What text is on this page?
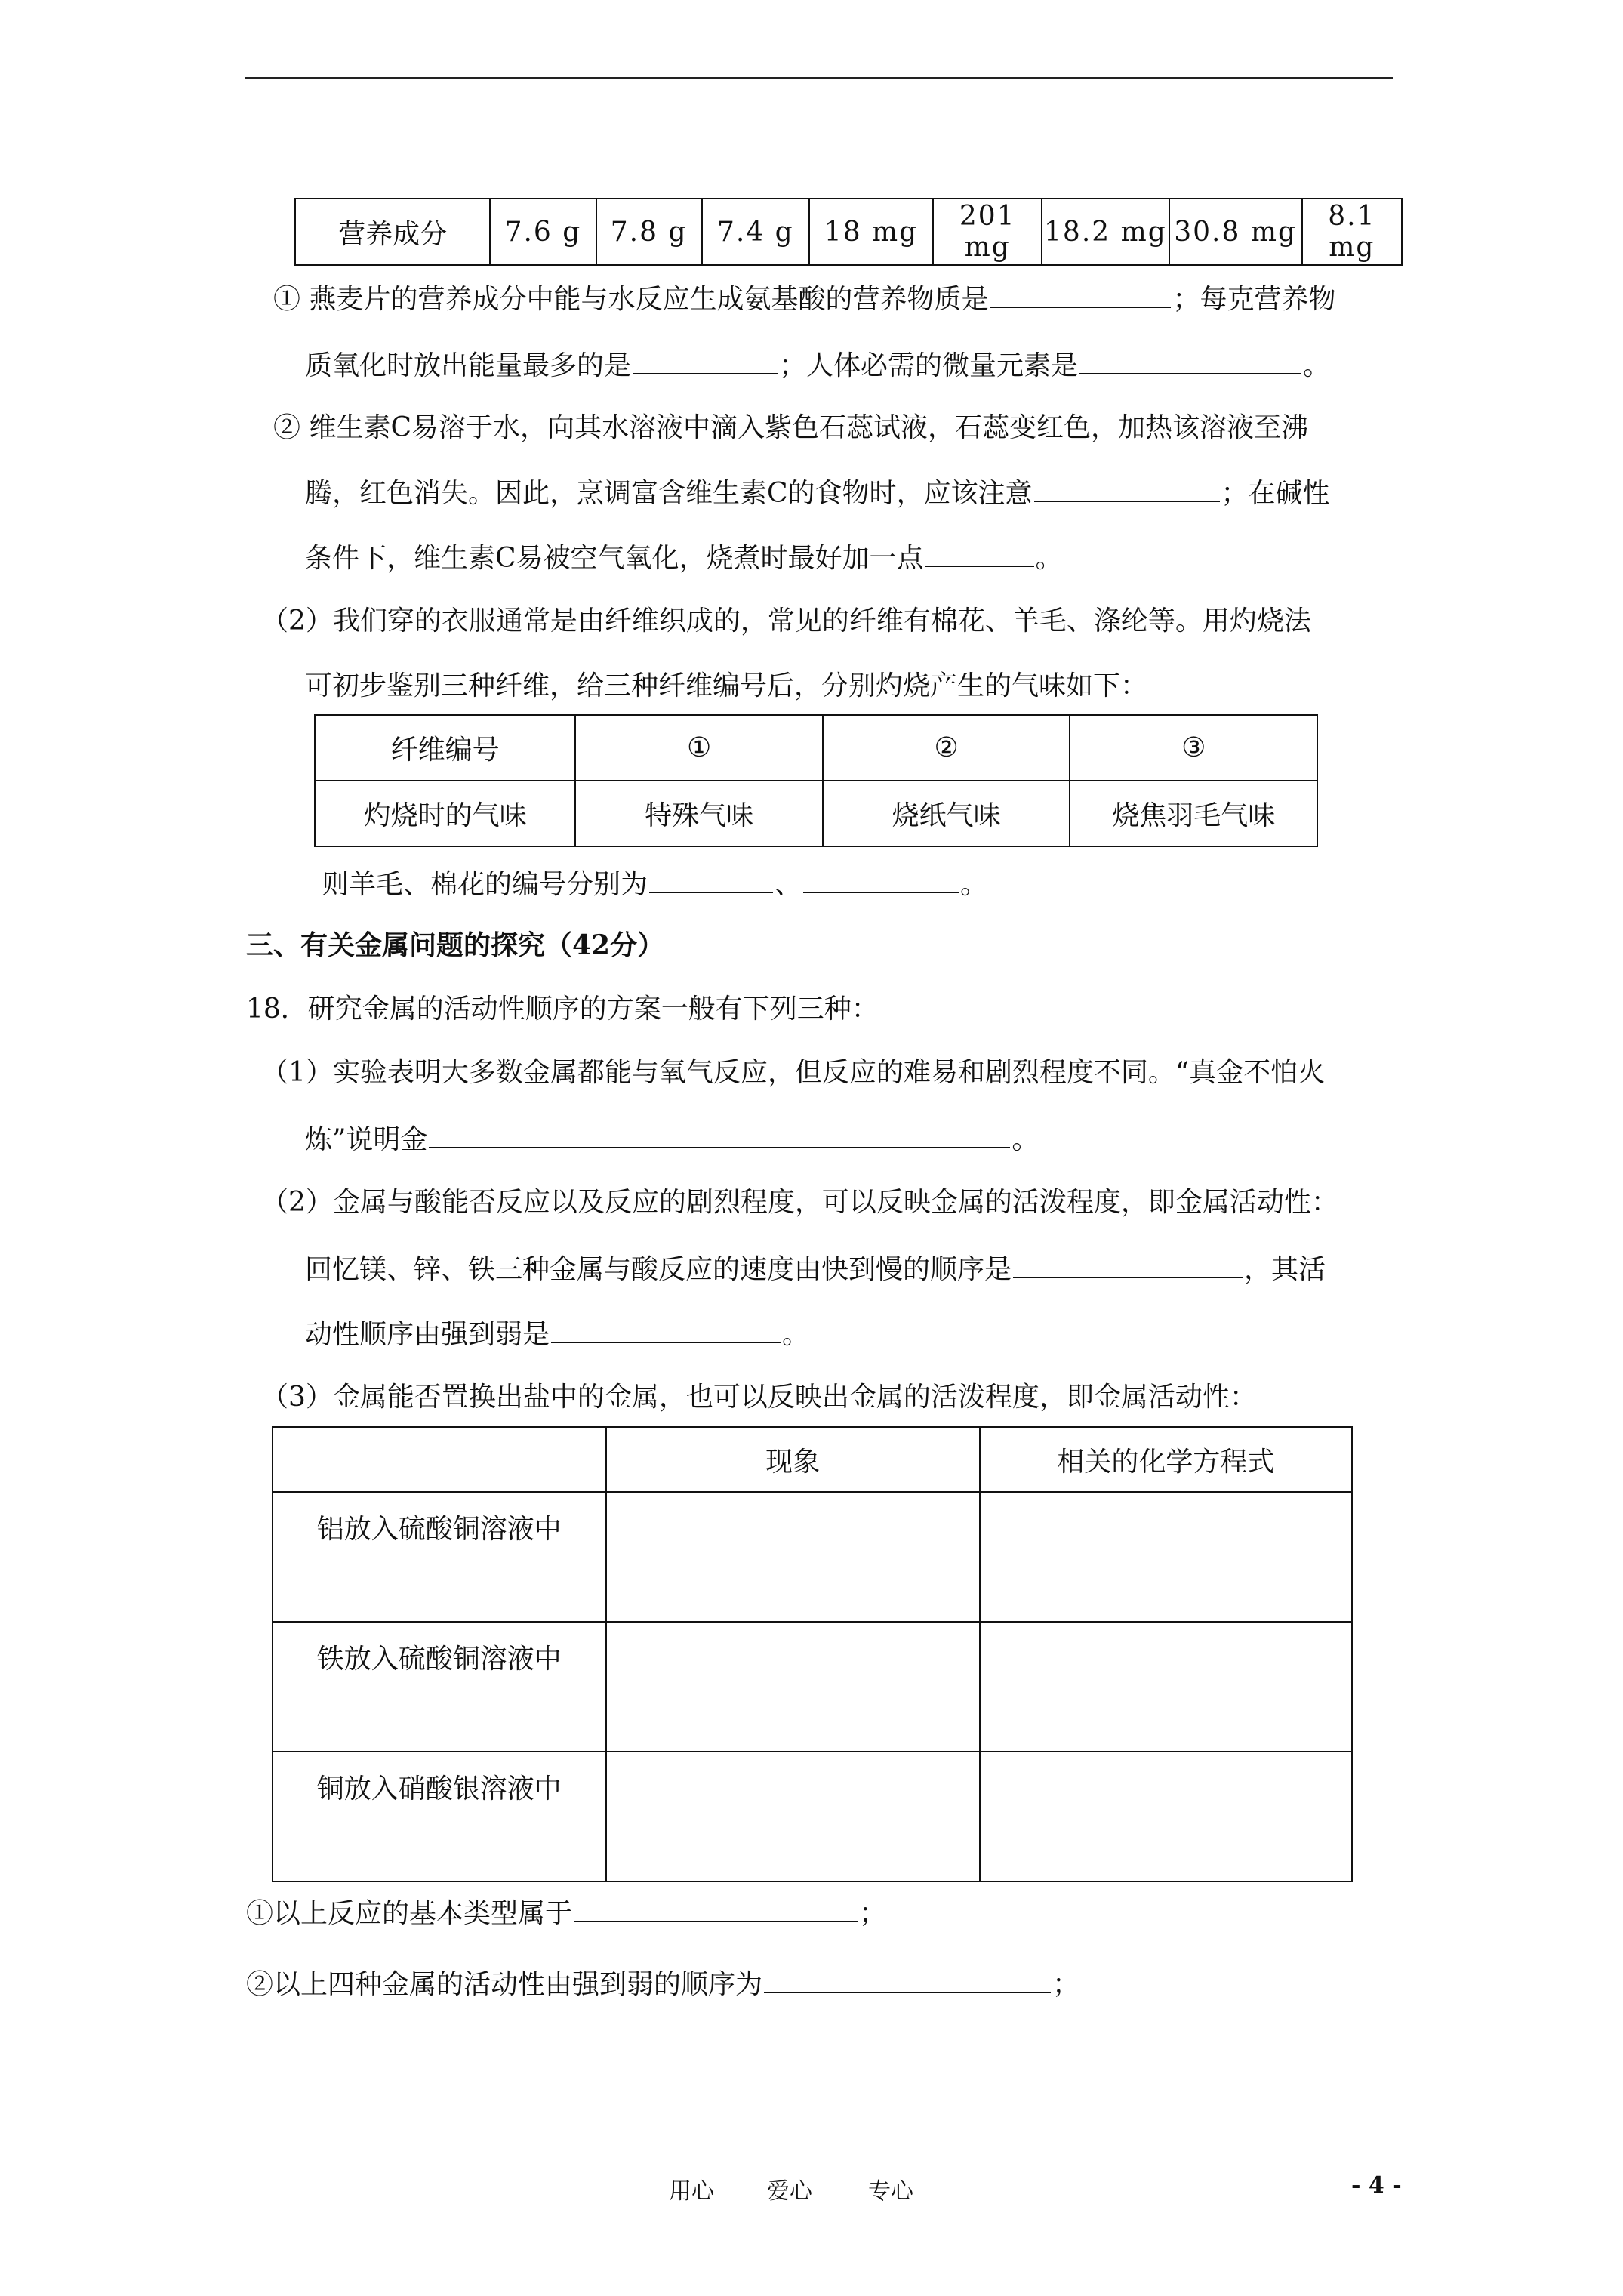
营养成分	7.6 g	7.8 g	7.4 g	18 mg	201 mg	18.2 mg	30.8 mg	8.1 mg
① 燕麦片的营养成分中能与水反应生成氨基酸的营养物质是	；每克营养物
质氧化时放出能量最多的是	；人体必需的微量元素是	。
② 维生素C易溶于水，向其水溶液中滴入紫色石蕊试液，石蕊变红色，加热该溶液至沸
腾，红色消失。因此，烹调富含维生素C的食物时，应该注意	；在碱性
条件下，维生素C易被空气氧化，烧煮时最好加一点	。
（2）我们穿的衣服通常是由纤维织成的，常见的纤维有棉花、羊毛、涤纶等。用灼烧法
可初步鉴别三种纤维，给三种纤维编号后，分别灼烧产生的气味如下：
纤维编号	①	②	③
灼烧时的气味	特殊气味	烧纸气味	烧焦羽毛气味
则羊毛、棉花的编号分别为	、	。
三、有关金属问题的探究（42分）
18．研究金属的活动性顺序的方案一般有下列三种：
（1）实验表明大多数金属都能与氧气反应，但反应的难易和剧烈程度不同。“真金不怕火
炼”说明金	。
（2）金属与酸能否反应以及反应的剧烈程度，可以反映金属的活泼程度，即金属活动性：
回忆镁、锌、铁三种金属与酸反应的速度由快到慢的顺序是	，其活
动性顺序由强到弱是	。
（3）金属能否置换出盐中的金属，也可以反映出金属的活泼程度，即金属活动性：
	现象	相关的化学方程式
铝放入硫酸铜溶液中		
铁放入硫酸铜溶液中		
铜放入硝酸银溶液中		
①以上反应的基本类型属于	；
②以上四种金属的活动性由强到弱的顺序为	；
用心 爱心 专心	- 4 -
